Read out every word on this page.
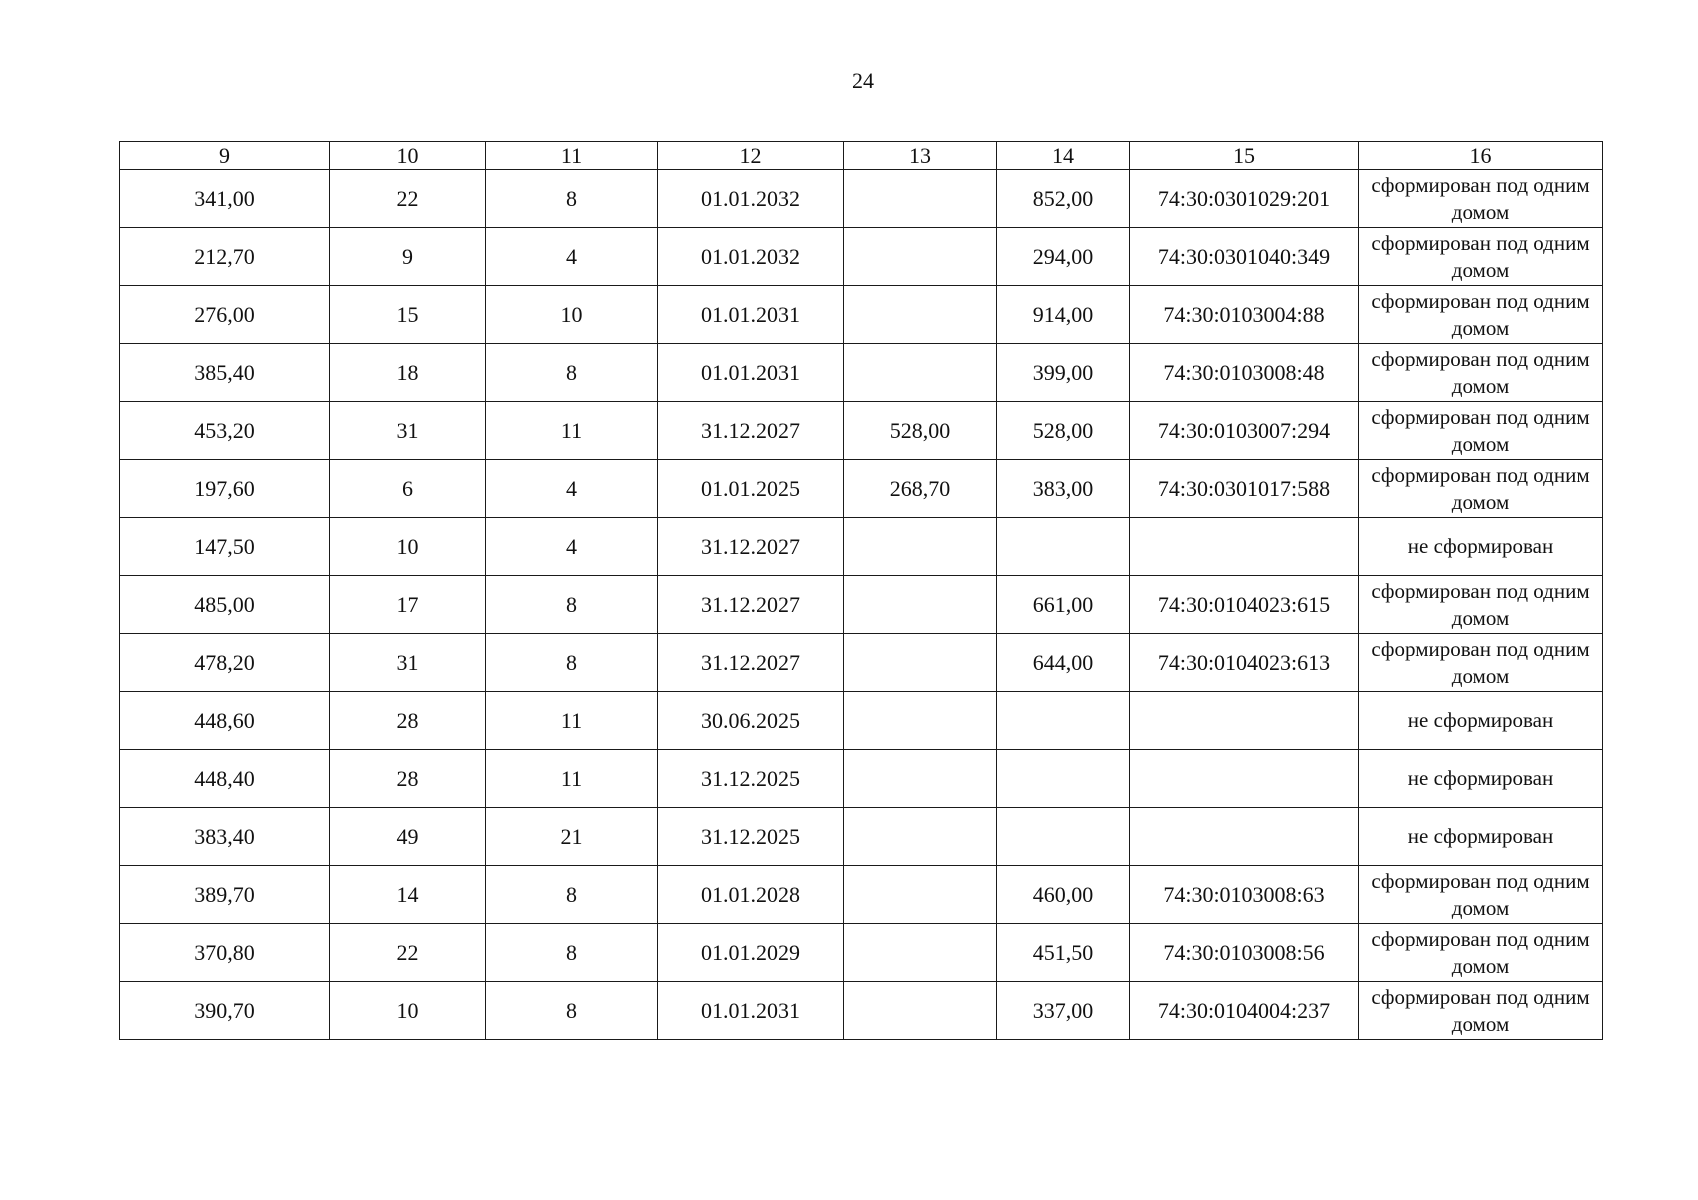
24
9	10	11	12	13	14	15	16
341,00	22	8	01.01.2032		852,00	74:30:0301029:201	сформирован под одним домом
212,70	9	4	01.01.2032		294,00	74:30:0301040:349	сформирован под одним домом
276,00	15	10	01.01.2031		914,00	74:30:0103004:88	сформирован под одним домом
385,40	18	8	01.01.2031		399,00	74:30:0103008:48	сформирован под одним домом
453,20	31	11	31.12.2027	528,00	528,00	74:30:0103007:294	сформирован под одним домом
197,60	6	4	01.01.2025	268,70	383,00	74:30:0301017:588	сформирован под одним домом
147,50	10	4	31.12.2027				не сформирован
485,00	17	8	31.12.2027		661,00	74:30:0104023:615	сформирован под одним домом
478,20	31	8	31.12.2027		644,00	74:30:0104023:613	сформирован под одним домом
448,60	28	11	30.06.2025				не сформирован
448,40	28	11	31.12.2025				не сформирован
383,40	49	21	31.12.2025				не сформирован
389,70	14	8	01.01.2028		460,00	74:30:0103008:63	сформирован под одним домом
370,80	22	8	01.01.2029		451,50	74:30:0103008:56	сформирован под одним домом
390,70	10	8	01.01.2031		337,00	74:30:0104004:237	сформирован под одним домом
